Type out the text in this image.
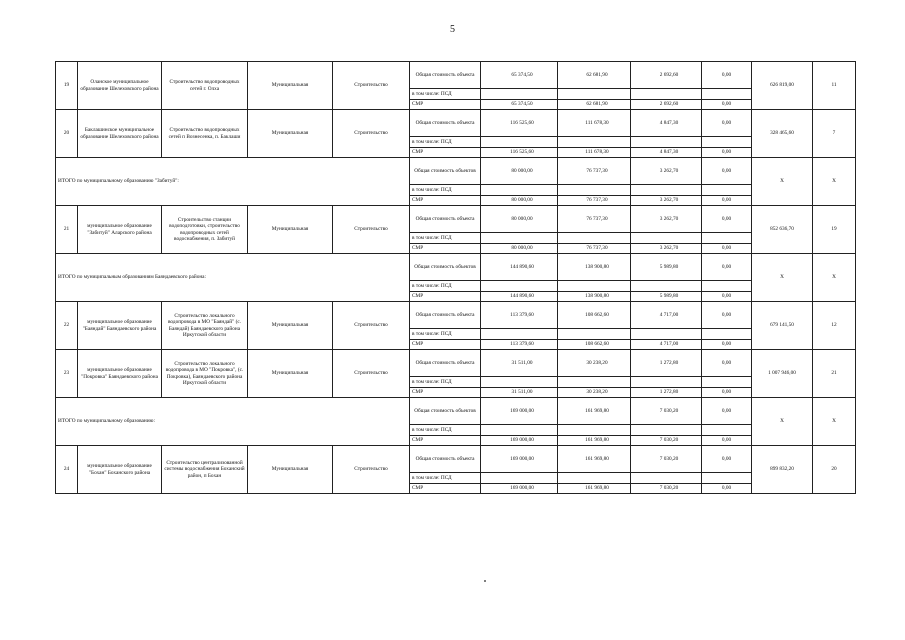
5
19	Оланское муниципальное образование Шелеховского района	Строительство водопроводных сетей г. Олха	Муниципальная	Строительство	Общая стоимость объекта	65 374,50	62 681,90	2 692,60	0,00	626 819,00	11
					в том числе: ПСД						
					СМР	65 374,50	62 681,90	2 692,60	0,00		
20	Баклашинское муниципальное образование Шелеховского района	Строительство водопроводных сетей п Вознесенка, п. Баклаши	Муниципальная	Строительство	Общая стоимость объекта	116 525,60	111 678,30	4 847,30	0,00	328 465,60	7
					в том числе: ПСД						
					СМР	116 525,60	111 678,30	4 847,30	0,00		
ИТОГО по муниципальному образованию "Забитуй":					Общая стоимость объектов	80 000,00	76 737,30	3 262,70	0,00	X	X
					в том числе: ПСД						
					СМР	80 000,00	76 737,30	3 262,70	0,00		
21	муниципальное образование "Забитуй" Аларского района	Строительство станции водоподготовки, строительство водопроводных сетей водоснабжения, п. Забитуй	Муниципальная	Строительство	Общая стоимость объекта	80 000,00	76 737,30	3 262,70	0,00	852 636,70	19
					в том числе: ПСД						
					СМР	80 000,00	76 737,30	3 262,70	0,00		
ИТОГО по муниципальным образованиям Баяндаевского района:					Общая стоимость объектов	144 890,60	138 900,80	5 989,80	0,00	X	X
					в том числе: ПСД						
					СМР	144 890,60	138 900,80	5 989,80	0,00		
22	муниципальное образование "Баяндай" Баяндаевского района	Строительство локального водопровода в МО "Баяндай" (с. Баяндай) Баяндаевского района Иркутской области	Муниципальная	Строительство	Общая стоимость объекта	113 379,60	108 662,60	4 717,00	0,00	679 141,50	12
					в том числе: ПСД						
					СМР	113 379,60	108 662,60	4 717,00	0,00		
23	муниципальное образование "Покровка" Баяндаевского района	Строительство локального водопровода в МО "Покровка", (с. Покровка), Баяндаевского района Иркутской области	Муниципальная	Строительство	Общая стоимость объекта	31 511,00	30 238,20	1 272,80	0,00	1 007 946,00	21
					в том числе: ПСД						
					СМР	31 511,00	30 238,20	1 272,80	0,00		
ИТОГО по муниципальному образованию:					Общая стоимость объектов	169 000,00	161 969,80	7 030,20	0,00	X	X
					в том числе: ПСД						
					СМР	169 000,00	161 969,80	7 030,20	0,00		
24	муниципальное образование "Бохан" Боханского района	Строительство централизованной системы водоснабжения Боханский район, п Бохан	Муниципальная	Строительство	Общая стоимость объекта	169 000,00	161 969,80	7 030,20	0,00	899 832,20	20
					в том числе: ПСД						
					СМР	169 000,00	161 969,80	7 030,20	0,00		
